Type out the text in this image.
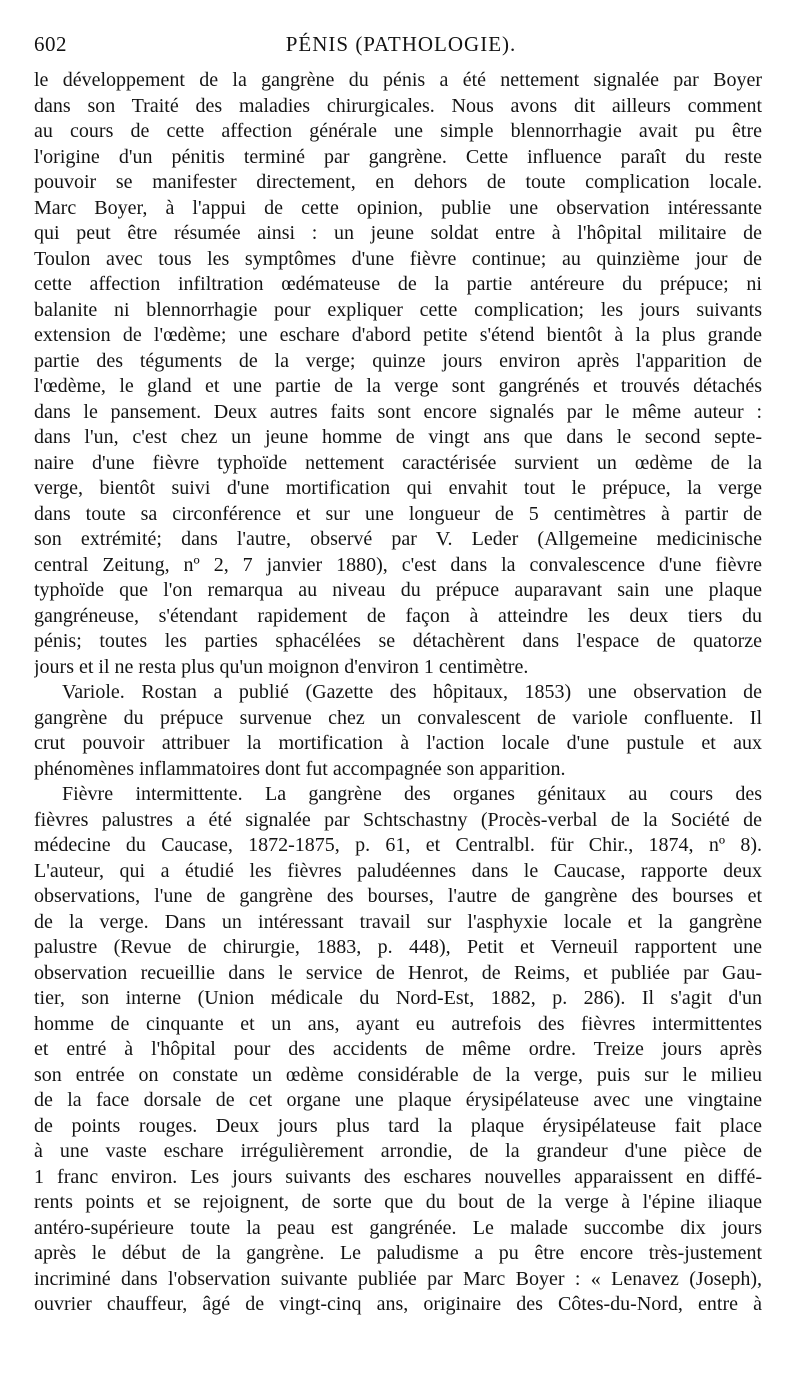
602	PÉNIS (PATHOLOGIE).
le développement de la gangrène du pénis a été nettement signalée par Boyer
dans son Traité des maladies chirurgicales. Nous avons dit ailleurs comment
au cours de cette affection générale une simple blennorrhagie avait pu être
l'origine d'un pénitis terminé par gangrène. Cette influence paraît du reste
pouvoir se manifester directement, en dehors de toute complication locale.
Marc Boyer, à l'appui de cette opinion, publie une observation intéressante
qui peut être résumée ainsi : un jeune soldat entre à l'hôpital militaire de
Toulon avec tous les symptômes d'une fièvre continue; au quinzième jour de
cette affection infiltration œdémateuse de la partie antéreure du prépuce; ni
balanite ni blennorrhagie pour expliquer cette complication; les jours suivants
extension de l'œdème; une eschare d'abord petite s'étend bientôt à la plus grande
partie des téguments de la verge; quinze jours environ après l'apparition de
l'œdème, le gland et une partie de la verge sont gangrénés et trouvés détachés
dans le pansement. Deux autres faits sont encore signalés par le même auteur :
dans l'un, c'est chez un jeune homme de vingt ans que dans le second septe-
naire d'une fièvre typhoïde nettement caractérisée survient un œdème de la
verge, bientôt suivi d'une mortification qui envahit tout le prépuce, la verge
dans toute sa circonférence et sur une longueur de 5 centimètres à partir de
son extrémité; dans l'autre, observé par V. Leder (Allgemeine medicinische
central Zeitung, nº 2, 7 janvier 1880), c'est dans la convalescence d'une fièvre
typhoïde que l'on remarqua au niveau du prépuce auparavant sain une plaque
gangréneuse, s'étendant rapidement de façon à atteindre les deux tiers du
pénis; toutes les parties sphacélées se détachèrent dans l'espace de quatorze
jours et il ne resta plus qu'un moignon d'environ 1 centimètre.
Variole. Rostan a publié (Gazette des hôpitaux, 1853) une observation de
gangrène du prépuce survenue chez un convalescent de variole confluente. Il
crut pouvoir attribuer la mortification à l'action locale d'une pustule et aux
phénomènes inflammatoires dont fut accompagnée son apparition.
Fièvre intermittente. La gangrène des organes génitaux au cours des
fièvres palustres a été signalée par Schtschastny (Procès-verbal de la Société de
médecine du Caucase, 1872-1875, p. 61, et Centralbl. für Chir., 1874, nº 8).
L'auteur, qui a étudié les fièvres paludéennes dans le Caucase, rapporte deux
observations, l'une de gangrène des bourses, l'autre de gangrène des bourses et
de la verge. Dans un intéressant travail sur l'asphyxie locale et la gangrène
palustre (Revue de chirurgie, 1883, p. 448), Petit et Verneuil rapportent une
observation recueillie dans le service de Henrot, de Reims, et publiée par Gau-
tier, son interne (Union médicale du Nord-Est, 1882, p. 286). Il s'agit d'un
homme de cinquante et un ans, ayant eu autrefois des fièvres intermittentes
et entré à l'hôpital pour des accidents de même ordre. Treize jours après
son entrée on constate un œdème considérable de la verge, puis sur le milieu
de la face dorsale de cet organe une plaque érysipélateuse avec une vingtaine
de points rouges. Deux jours plus tard la plaque érysipélateuse fait place
à une vaste eschare irrégulièrement arrondie, de la grandeur d'une pièce de
1 franc environ. Les jours suivants des eschares nouvelles apparaissent en diffé-
rents points et se rejoignent, de sorte que du bout de la verge à l'épine iliaque
antéro-supérieure toute la peau est gangrénée. Le malade succombe dix jours
après le début de la gangrène. Le paludisme a pu être encore très-justement
incriminé dans l'observation suivante publiée par Marc Boyer : « Lenavez (Joseph),
ouvrier chauffeur, âgé de vingt-cinq ans, originaire des Côtes-du-Nord, entre à
